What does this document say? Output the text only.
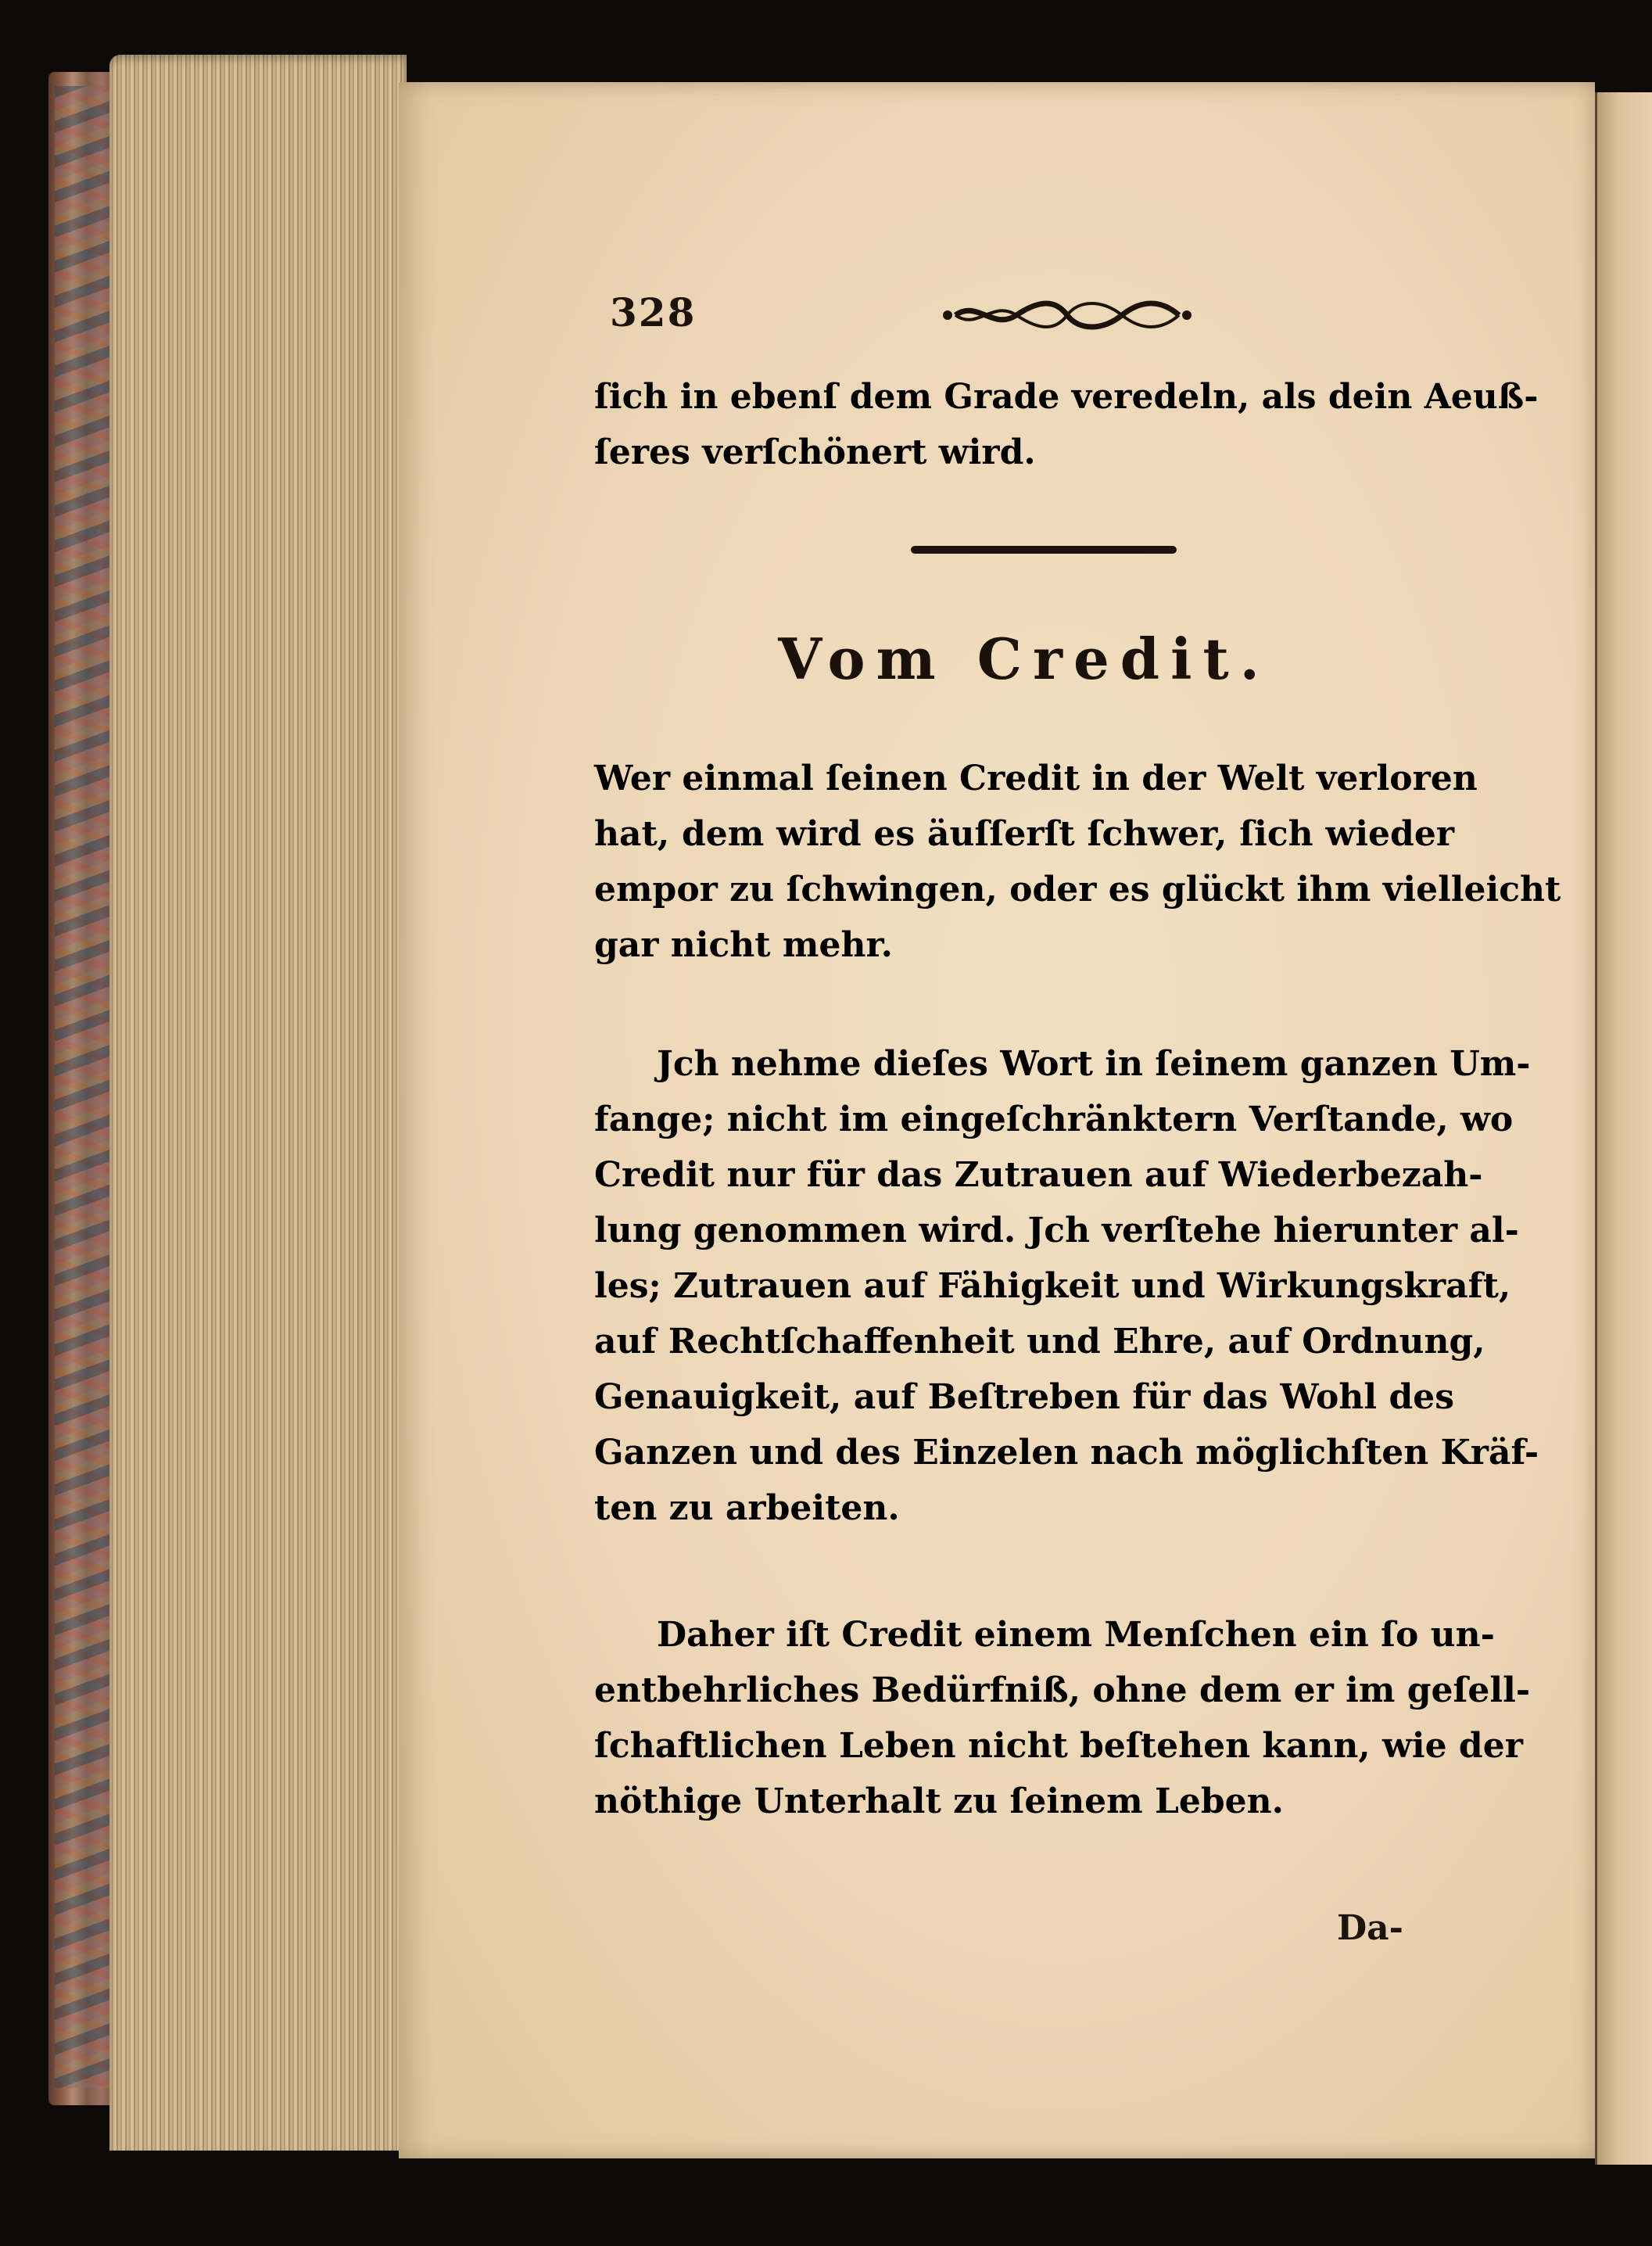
328

ſich in ebenſ dem Grade veredeln, als dein Aeuß-
ſeres verſchönert wird.

Vom Credit.

Wer einmal ſeinen Credit in der Welt verloren
hat, dem wird es äuſſerſt ſchwer, ſich wieder
empor zu ſchwingen, oder es glückt ihm vielleicht
gar nicht mehr.

Jch nehme dieſes Wort in ſeinem ganzen Um-
fange; nicht im eingeſchränktern Verſtande, wo
Credit nur für das Zutrauen auf Wiederbezah-
lung genommen wird. Jch verſtehe hierunter al-
les; Zutrauen auf Fähigkeit und Wirkungskraft,
auf Rechtſchaffenheit und Ehre, auf Ordnung,
Genauigkeit, auf Beſtreben für das Wohl des
Ganzen und des Einzelen nach möglichſten Kräf-
ten zu arbeiten.

Daher iſt Credit einem Menſchen ein ſo un-
entbehrliches Bedürfniß, ohne dem er im geſell-
ſchaftlichen Leben nicht beſtehen kann, wie der
nöthige Unterhalt zu ſeinem Leben.

Da-
